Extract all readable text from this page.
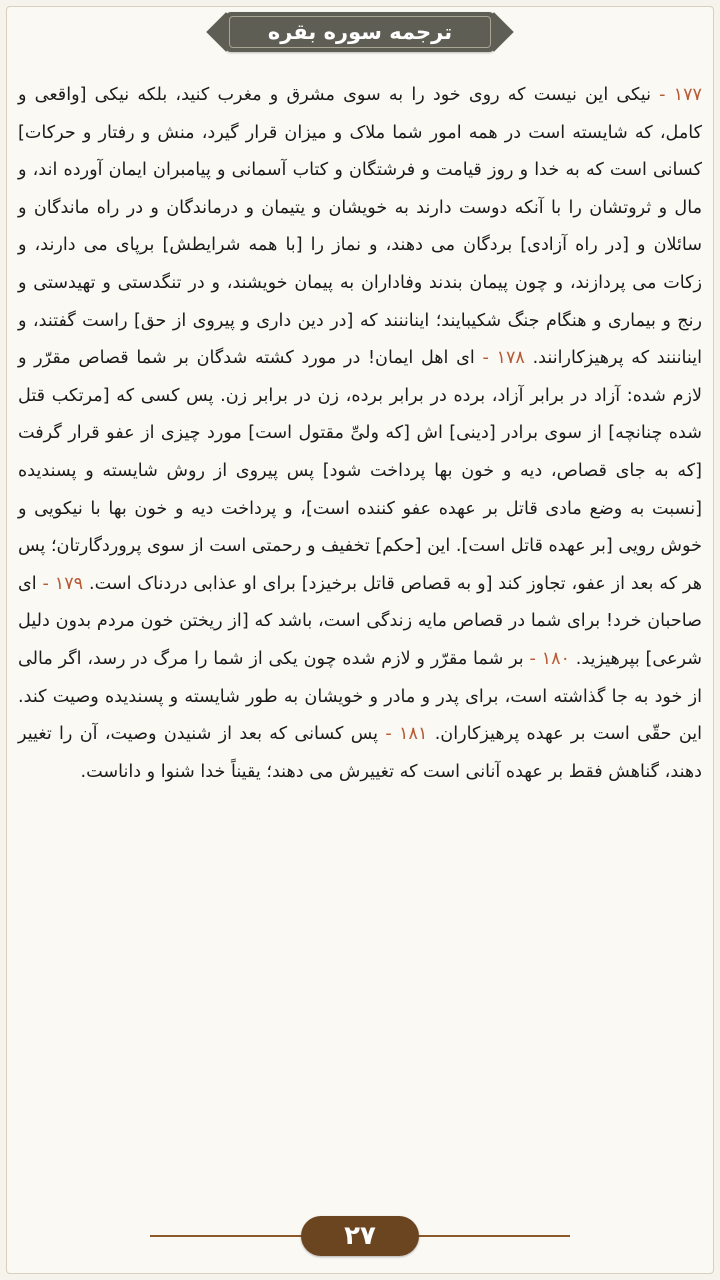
ترجمه سوره بقره
۱۷۷ - نیکی این نیست که روی خود را به سوی مشرق و مغرب کنید، بلکه نیکی [واقعی و کامل، که شایسته است در همه امور شما ملاک و میزان قرار گیرد، منش و رفتار و حرکات] کسانی است که به خدا و روز قیامت و فرشتگان و کتاب آسمانی و پیامبران ایمان آورده اند، و مال و ثروتشان را با آنکه دوست دارند به خویشان و یتیمان و درماندگان و در راه ماندگان و سائلان و [در راه آزادی] بردگان می دهند، و نماز را [با همه شرایطش] برپای می دارند، و زکات می پردازند، و چون پیمان بندند وفاداران به پیمان خویشند، و در تنگدستی و تهیدستی و رنج و بیماری و هنگام جنگ شکیبایند؛ ایناننند که [در دین داری و پیروی از حق] راست گفتند، و ایناننند که پرهیزکارانند. ۱۷۸ - ای اهل ایمان! در مورد کشته شدگان بر شما قصاص مقرّر و لازم شده: آزاد در برابر آزاد، برده در برابر برده، زن در برابر زن. پس کسی که [مرتکب قتل شده چنانچه] از سوی برادر [دینی] اش [که ولیِّ مقتول است] مورد چیزی از عفو قرار گرفت [که به جای قصاص، دیه و خون بها پرداخت شود] پس پیروی از روش شایسته و پسندیده [نسبت به وضع مادی قاتل بر عهده عفو کننده است]، و پرداخت دیه و خون بها با نیکویی و خوش رویی [بر عهده قاتل است]. این [حکم] تخفیف و رحمتی است از سوی پروردگارتان؛ پس هر که بعد از عفو، تجاوز کند [و به قصاص قاتل برخیزد] برای او عذابی دردناک است. ۱۷۹ - ای صاحبان خرد! برای شما در قصاص مایه زندگی است، باشد که [از ریختن خون مردم بدون دلیل شرعی] بپرهیزید. ۱۸۰ - بر شما مقرّر و لازم شده چون یکی از شما را مرگ در رسد، اگر مالی از خود به جا گذاشته است، برای پدر و مادر و خویشان به طور شایسته و پسندیده وصیت کند. این حقّی است بر عهده پرهیزکاران. ۱۸۱ - پس کسانی که بعد از شنیدن وصیت، آن را تغییر دهند، گناهش فقط بر عهده آنانی است که تغییرش می دهند؛ یقیناً خدا شنوا و داناست.
۲۷
